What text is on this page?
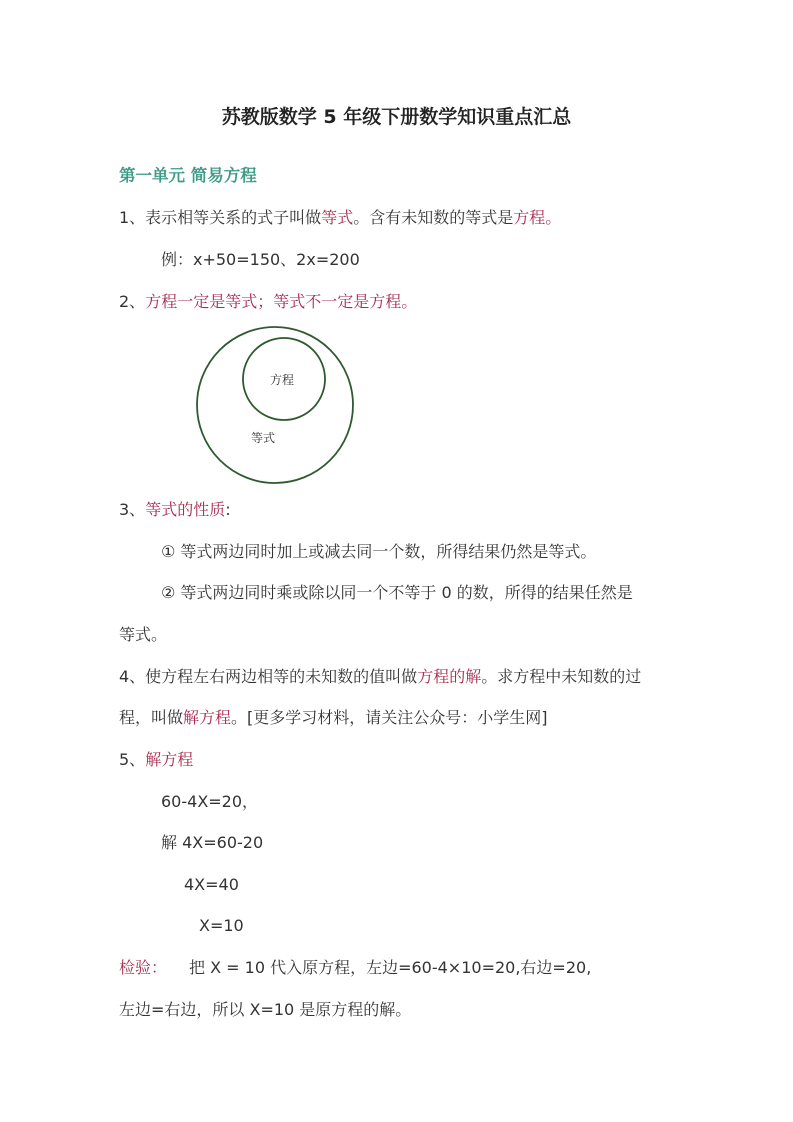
苏教版数学 5 年级下册数学知识重点汇总
第一单元 简易方程
1、表示相等关系的式子叫做等式。含有未知数的等式是方程。
例：x+50=150、2x=200
2、方程一定是等式；等式不一定是方程。
方程
等式
3、等式的性质:
① 等式两边同时加上或减去同一个数，所得结果仍然是等式。
② 等式两边同时乘或除以同一个不等于 0 的数，所得的结果任然是
等式。
4、使方程左右两边相等的未知数的值叫做方程的解。求方程中未知数的过
程，叫做解方程。[更多学习材料，请关注公众号：小学生网]
5、解方程
60-4X=20，
解 4X=60-20
4X=40
X=10
检验： 把 X = 10 代入原方程，左边=60-4×10=20,右边=20,
左边=右边，所以 X=10 是原方程的解。
